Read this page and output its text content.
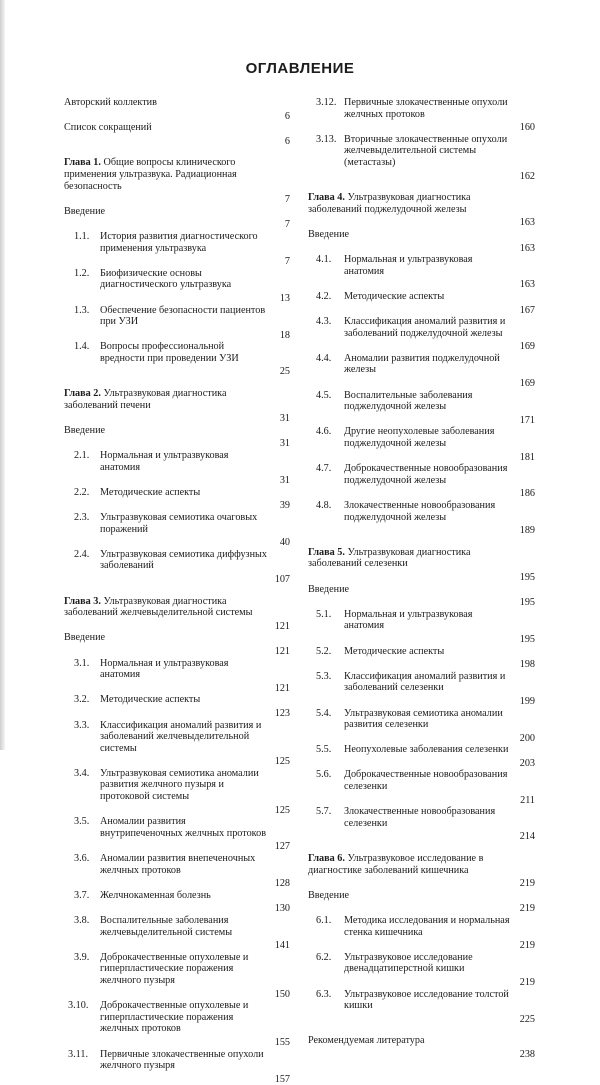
ОГЛАВЛЕНИЕ
Авторский коллектив
6
Список сокращений
6
Глава 1. Общие вопросы клинического применения ультразвука. Радиационная безопасность
7
Введение
7
1.1. История развития диагностического применения ультразвука
7
1.2. Биофизические основы диагностического ультразвука
13
1.3. Обеспечение безопасности пациентов при УЗИ
18
1.4. Вопросы профессиональной вредности при проведении УЗИ
25
Глава 2. Ультразвуковая диагностика заболеваний печени
31
Введение
31
2.1. Нормальная и ультразвуковая анатомия
31
2.2. Методические аспекты
39
2.3. Ультразвуковая семиотика очаговых поражений
40
2.4. Ультразвуковая семиотика диффузных заболеваний
107
Глава 3. Ультразвуковая диагностика заболеваний желчевыделительной системы
121
Введение
121
3.1. Нормальная и ультразвуковая анатомия
121
3.2. Методические аспекты
123
3.3. Классификация аномалий развития и заболеваний желчевыделительной системы
125
3.4. Ультразвуковая семиотика аномалии развития желчного пузыря и протоковой системы
125
3.5. Аномалии развития внутрипеченочных желчных протоков
127
3.6. Аномалии развития внепеченочных желчных протоков
128
3.7. Желчнокаменная болезнь
130
3.8. Воспалительные заболевания желчевыделительной системы
141
3.9. Доброкачественные опухолевые и гиперпластические поражения желчного пузыря
150
3.10. Доброкачественные опухолевые и гиперпластические поражения желчных протоков
155
3.11. Первичные злокачественные опухоли желчного пузыря
157
3.12. Первичные злокачественные опухоли желчных протоков
160
3.13. Вторичные злокачественные опухоли желчевыделительной системы (метастазы)
162
Глава 4. Ультразвуковая диагностика заболеваний поджелудочной железы
163
Введение
163
4.1. Нормальная и ультразвуковая анатомия
163
4.2. Методические аспекты
167
4.3. Классификация аномалий развития и заболеваний поджелудочной железы
169
4.4. Аномалии развития поджелудочной железы
169
4.5. Воспалительные заболевания поджелудочной железы
171
4.6. Другие неопухолевые заболевания поджелудочной железы
181
4.7. Доброкачественные новообразования поджелудочной железы
186
4.8. Злокачественные новообразования поджелудочной железы
189
Глава 5. Ультразвуковая диагностика заболеваний селезенки
195
Введение
195
5.1. Нормальная и ультразвуковая анатомия
195
5.2. Методические аспекты
198
5.3. Классификация аномалий развития и заболеваний селезенки
199
5.4. Ультразвуковая семиотика аномалии развития селезенки
200
5.5. Неопухолевые заболевания селезенки
203
5.6. Доброкачественные новообразования селезенки
211
5.7. Злокачественные новообразования селезенки
214
Глава 6. Ультразвуковое исследование в диагностике заболеваний кишечника
219
Введение
219
6.1. Методика исследования и нормальная стенка кишечника
219
6.2. Ультразвуковое исследование двенадцатиперстной кишки
219
6.3. Ультразвуковое исследование толстой кишки
225
Рекомендуемая литература
238
